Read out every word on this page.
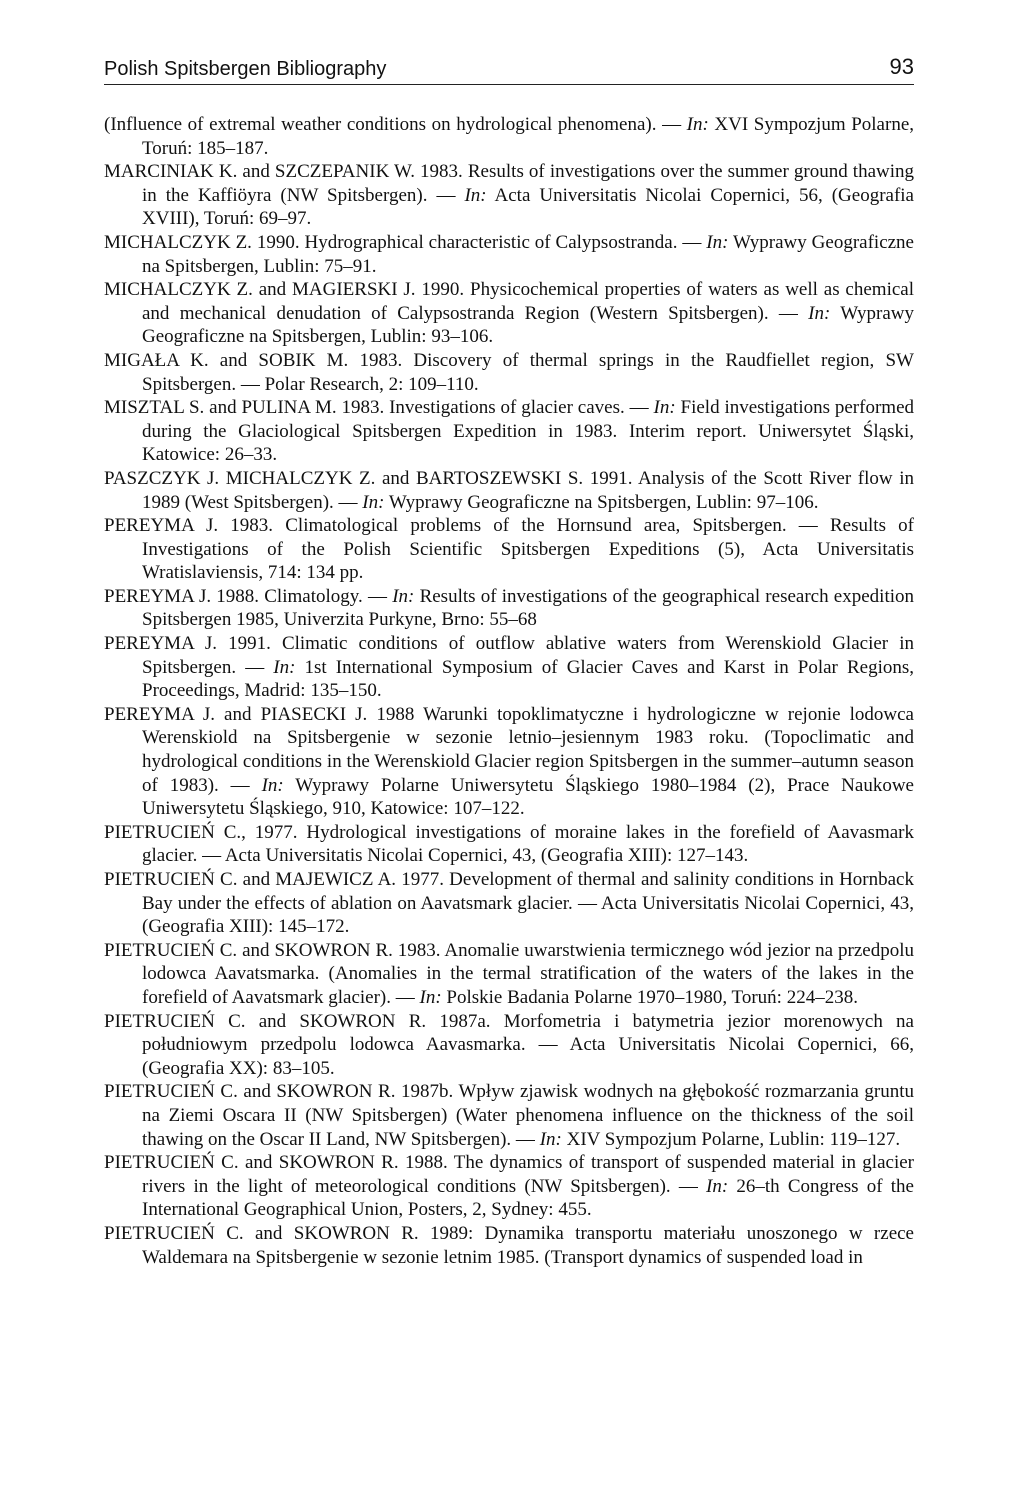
Polish Spitsbergen Bibliography	93

(Influence of extremal weather conditions on hydrological phenomena). — In: XVI Sympozjum Polarne, Toruń: 185–187.

MARCINIAK K. and SZCZEPANIK W. 1983. Results of investigations over the summer ground thawing in the Kaffiöyra (NW Spitsbergen). — In: Acta Universitatis Nicolai Copernici, 56, (Geografia XVIII), Toruń: 69–97.

MICHALCZYK Z. 1990. Hydrographical characteristic of Calypsostranda. — In: Wyprawy Geograficzne na Spitsbergen, Lublin: 75–91.

MICHALCZYK Z. and MAGIERSKI J. 1990. Physicochemical properties of waters as well as chemical and mechanical denudation of Calypsostranda Region (Western Spitsbergen). — In: Wyprawy Geograficzne na Spitsbergen, Lublin: 93–106.

MIGAŁA K. and SOBIK M. 1983. Discovery of thermal springs in the Raudfiellet region, SW Spitsbergen. — Polar Research, 2: 109–110.

MISZTAL S. and PULINA M. 1983. Investigations of glacier caves. — In: Field investigations performed during the Glaciological Spitsbergen Expedition in 1983. Interim report. Uniwersytet Śląski, Katowice: 26–33.

PASZCZYK J. MICHALCZYK Z. and BARTOSZEWSKI S. 1991. Analysis of the Scott River flow in 1989 (West Spitsbergen). — In: Wyprawy Geograficzne na Spitsbergen, Lublin: 97–106.

PEREYMA J. 1983. Climatological problems of the Hornsund area, Spitsbergen. — Results of Investigations of the Polish Scientific Spitsbergen Expeditions (5), Acta Universitatis Wratislaviensis, 714: 134 pp.

PEREYMA J. 1988. Climatology. — In: Results of investigations of the geographical research expedition Spitsbergen 1985, Univerzita Purkyne, Brno: 55–68

PEREYMA J. 1991. Climatic conditions of outflow ablative waters from Werenskiold Glacier in Spitsbergen. — In: 1st International Symposium of Glacier Caves and Karst in Polar Regions, Proceedings, Madrid: 135–150.

PEREYMA J. and PIASECKI J. 1988 Warunki topoklimatyczne i hydrologiczne w rejonie lodowca Werenskiold na Spitsbergenie w sezonie letnio–jesiennym 1983 roku. (Topoclimatic and hydrological conditions in the Werenskiold Glacier region Spitsbergen in the summer–autumn season of 1983). — In: Wyprawy Polarne Uniwersytetu Śląskiego 1980–1984 (2), Prace Naukowe Uniwersytetu Śląskiego, 910, Katowice: 107–122.

PIETRUCIEŃ C., 1977. Hydrological investigations of moraine lakes in the forefield of Aavasmark glacier. — Acta Universitatis Nicolai Copernici, 43, (Geografia XIII): 127–143.

PIETRUCIEŃ C. and MAJEWICZ A. 1977. Development of thermal and salinity conditions in Hornback Bay under the effects of ablation on Aavatsmark glacier. — Acta Universitatis Nicolai Copernici, 43, (Geografia XIII): 145–172.

PIETRUCIEŃ C. and SKOWRON R. 1983. Anomalie uwarstwienia termicznego wód jezior na przedpolu lodowca Aavatsmarka. (Anomalies in the termal stratification of the waters of the lakes in the forefield of Aavatsmark glacier). — In: Polskie Badania Polarne 1970–1980, Toruń: 224–238.

PIETRUCIEŃ C. and SKOWRON R. 1987a. Morfometria i batymetria jezior morenowych na południowym przedpolu lodowca Aavasmarka. — Acta Universitatis Nicolai Copernici, 66, (Geografia XX): 83–105.

PIETRUCIEŃ C. and SKOWRON R. 1987b. Wpływ zjawisk wodnych na głębokość rozmarzania gruntu na Ziemi Oscara II (NW Spitsbergen) (Water phenomena influence on the thickness of the soil thawing on the Oscar II Land, NW Spitsbergen). — In: XIV Sympozjum Polarne, Lublin: 119–127.

PIETRUCIEŃ C. and SKOWRON R. 1988. The dynamics of transport of suspended material in glacier rivers in the light of meteorological conditions (NW Spitsbergen). — In: 26–th Congress of the International Geographical Union, Posters, 2, Sydney: 455.

PIETRUCIEŃ C. and SKOWRON R. 1989: Dynamika transportu materiału unoszonego w rzece Waldemara na Spitsbergenie w sezonie letnim 1985. (Transport dynamics of suspended load in
